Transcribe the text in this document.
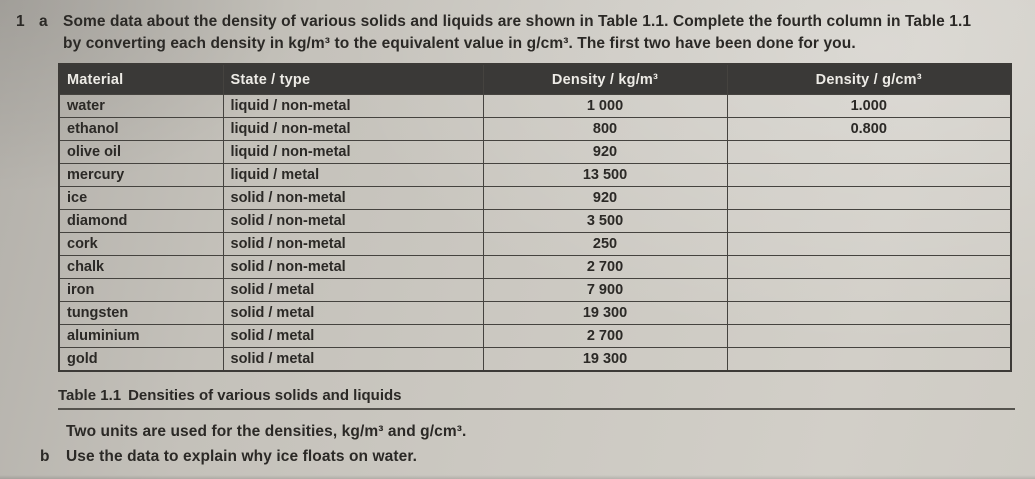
1 a Some data about the density of various solids and liquids are shown in Table 1.1. Complete the fourth column in Table 1.1 by converting each density in kg/m³ to the equivalent value in g/cm³. The first two have been done for you.
Material	State / type	Density / kg/m³	Density / g/cm³
water	liquid / non-metal	1 000	1.000
ethanol	liquid / non-metal	800	0.800
olive oil	liquid / non-metal	920	
mercury	liquid / metal	13 500	
ice	solid / non-metal	920	
diamond	solid / non-metal	3 500	
cork	solid / non-metal	250	
chalk	solid / non-metal	2 700	
iron	solid / metal	7 900	
tungsten	solid / metal	19 300	
aluminium	solid / metal	2 700	
gold	solid / metal	19 300	
Table 1.1 Densities of various solids and liquids
Two units are used for the densities, kg/m³ and g/cm³.
b	Use the data to explain why ice floats on water.
